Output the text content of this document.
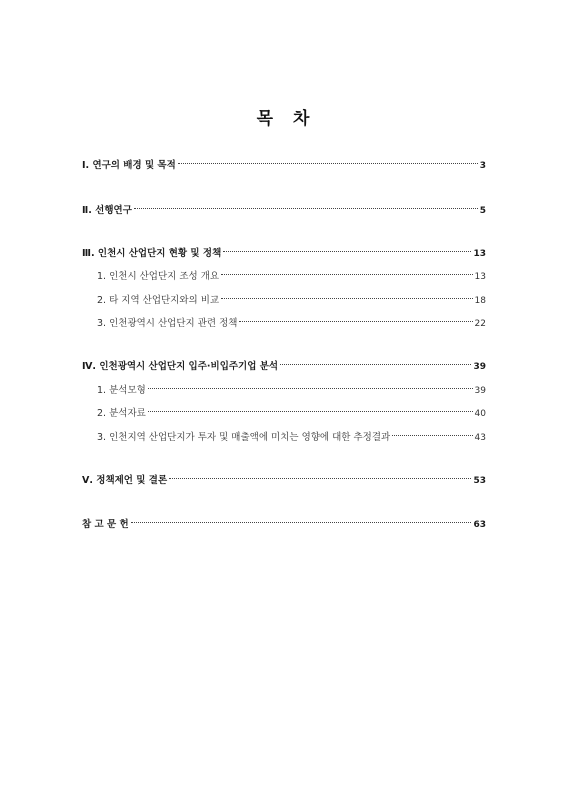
목 차
Ⅰ. 연구의 배경 및 목적	3
Ⅱ. 선행연구	5
Ⅲ. 인천시 산업단지 현황 및 정책	13
1. 인천시 산업단지 조성 개요	13
2. 타 지역 산업단지와의 비교	18
3. 인천광역시 산업단지 관련 정책	22
Ⅳ. 인천광역시 산업단지 입주·비입주기업 분석	39
1. 분석모형	39
2. 분석자료	40
3. 인천지역 산업단지가 투자 및 매출액에 미치는 영향에 대한 추정결과	43
Ⅴ. 정책제언 및 결론	53
참 고 문 헌	63
